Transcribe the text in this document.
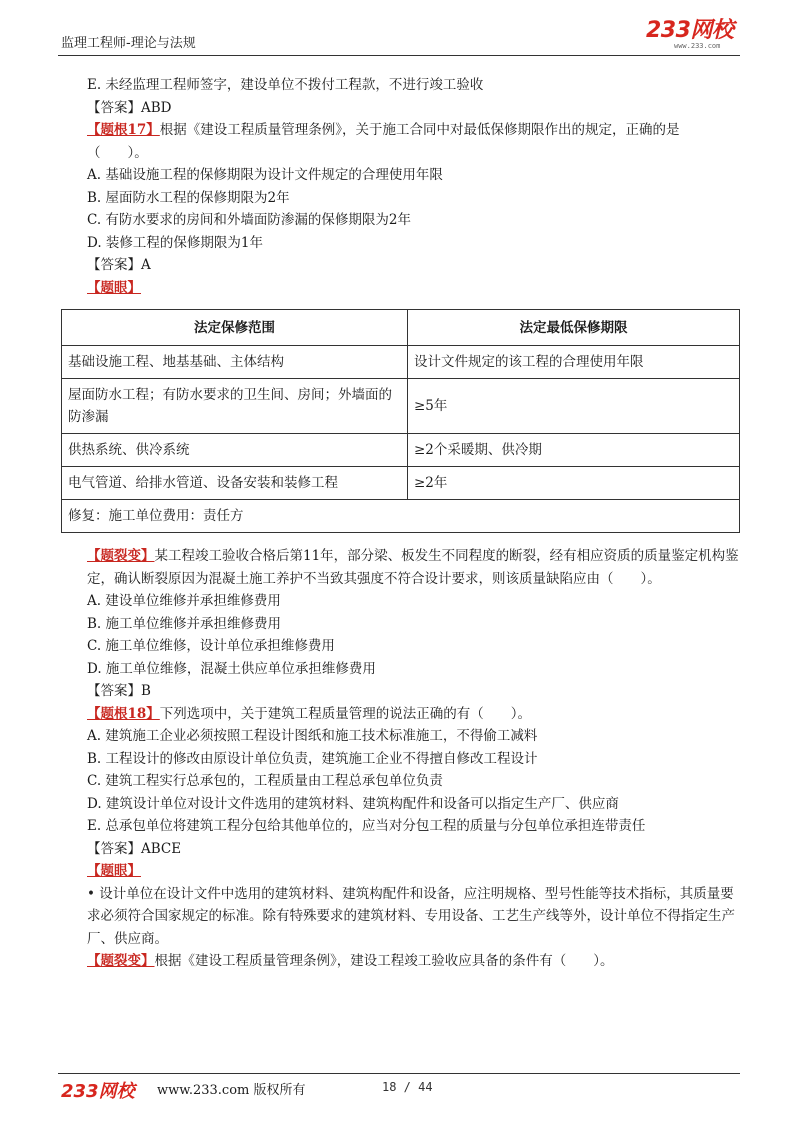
监理工程师-理论与法规
233网校
www.233.com

E. 未经监理工程师签字，建设单位不拨付工程款，不进行竣工验收

【答案】ABD

【题根17】根据《建设工程质量管理条例》，关于施工合同中对最低保修期限作出的规定，正确的是（　　）。

A. 基础设施工程的保修期限为设计文件规定的合理使用年限

B. 屋面防水工程的保修期限为2年

C. 有防水要求的房间和外墙面防渗漏的保修期限为2年

D. 装修工程的保修期限为1年

【答案】A

【题眼】

法定保修范围	法定最低保修期限
基础设施工程、地基基础、主体结构	设计文件规定的该工程的合理使用年限
屋面防水工程；有防水要求的卫生间、房间；外墙面的防渗漏	≥5年
供热系统、供冷系统	≥2个采暖期、供冷期
电气管道、给排水管道、设备安装和装修工程	≥2年
修复：施工单位费用：责任方	

【题裂变】某工程竣工验收合格后第11年，部分梁、板发生不同程度的断裂，经有相应资质的质量鉴定机构鉴定，确认断裂原因为混凝土施工养护不当致其强度不符合设计要求，则该质量缺陷应由（　　）。

A. 建设单位维修并承担维修费用

B. 施工单位维修并承担维修费用

C. 施工单位维修，设计单位承担维修费用

D. 施工单位维修，混凝土供应单位承担维修费用

【答案】B

【题根18】下列选项中，关于建筑工程质量管理的说法正确的有（　　）。

A. 建筑施工企业必须按照工程设计图纸和施工技术标准施工，不得偷工减料

B. 工程设计的修改由原设计单位负责，建筑施工企业不得擅自修改工程设计

C. 建筑工程实行总承包的，工程质量由工程总承包单位负责

D. 建筑设计单位对设计文件选用的建筑材料、建筑构配件和设备可以指定生产厂、供应商

E. 总承包单位将建筑工程分包给其他单位的，应当对分包工程的质量与分包单位承担连带责任

【答案】ABCE

【题眼】

• 设计单位在设计文件中选用的建筑材料、建筑构配件和设备，应注明规格、型号性能等技术指标，其质量要求必须符合国家规定的标准。除有特殊要求的建筑材料、专用设备、工艺生产线等外，设计单位不得指定生产厂、供应商。

【题裂变】根据《建设工程质量管理条例》，建设工程竣工验收应具备的条件有（　　）。

233网校 www.233.com 版权所有	18 / 44
